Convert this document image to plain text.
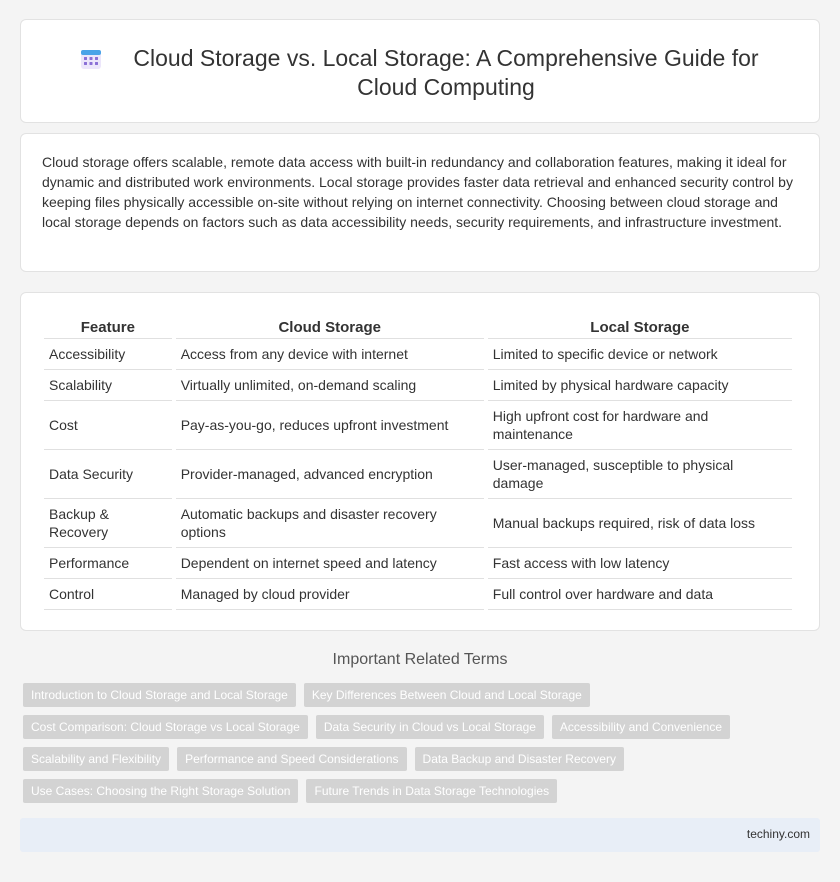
Cloud Storage vs. Local Storage: A Comprehensive Guide for Cloud Computing

Cloud storage offers scalable, remote data access with built-in redundancy and collaboration features, making it ideal for dynamic and distributed work environments. Local storage provides faster data retrieval and enhanced security control by keeping files physically accessible on-site without relying on internet connectivity. Choosing between cloud storage and local storage depends on factors such as data accessibility needs, security requirements, and infrastructure investment.

Feature	Cloud Storage	Local Storage
Accessibility	Access from any device with internet	Limited to specific device or network
Scalability	Virtually unlimited, on-demand scaling	Limited by physical hardware capacity
Cost	Pay-as-you-go, reduces upfront investment	High upfront cost for hardware and maintenance
Data Security	Provider-managed, advanced encryption	User-managed, susceptible to physical damage
Backup & Recovery	Automatic backups and disaster recovery options	Manual backups required, risk of data loss
Performance	Dependent on internet speed and latency	Fast access with low latency
Control	Managed by cloud provider	Full control over hardware and data
Important Related Terms
Introduction to Cloud Storage and Local Storage	Key Differences Between Cloud and Local Storage
Cost Comparison: Cloud Storage vs Local Storage	Data Security in Cloud vs Local Storage	Accessibility and Convenience
Scalability and Flexibility	Performance and Speed Considerations	Data Backup and Disaster Recovery
Use Cases: Choosing the Right Storage Solution	Future Trends in Data Storage Technologies
techiny.com
